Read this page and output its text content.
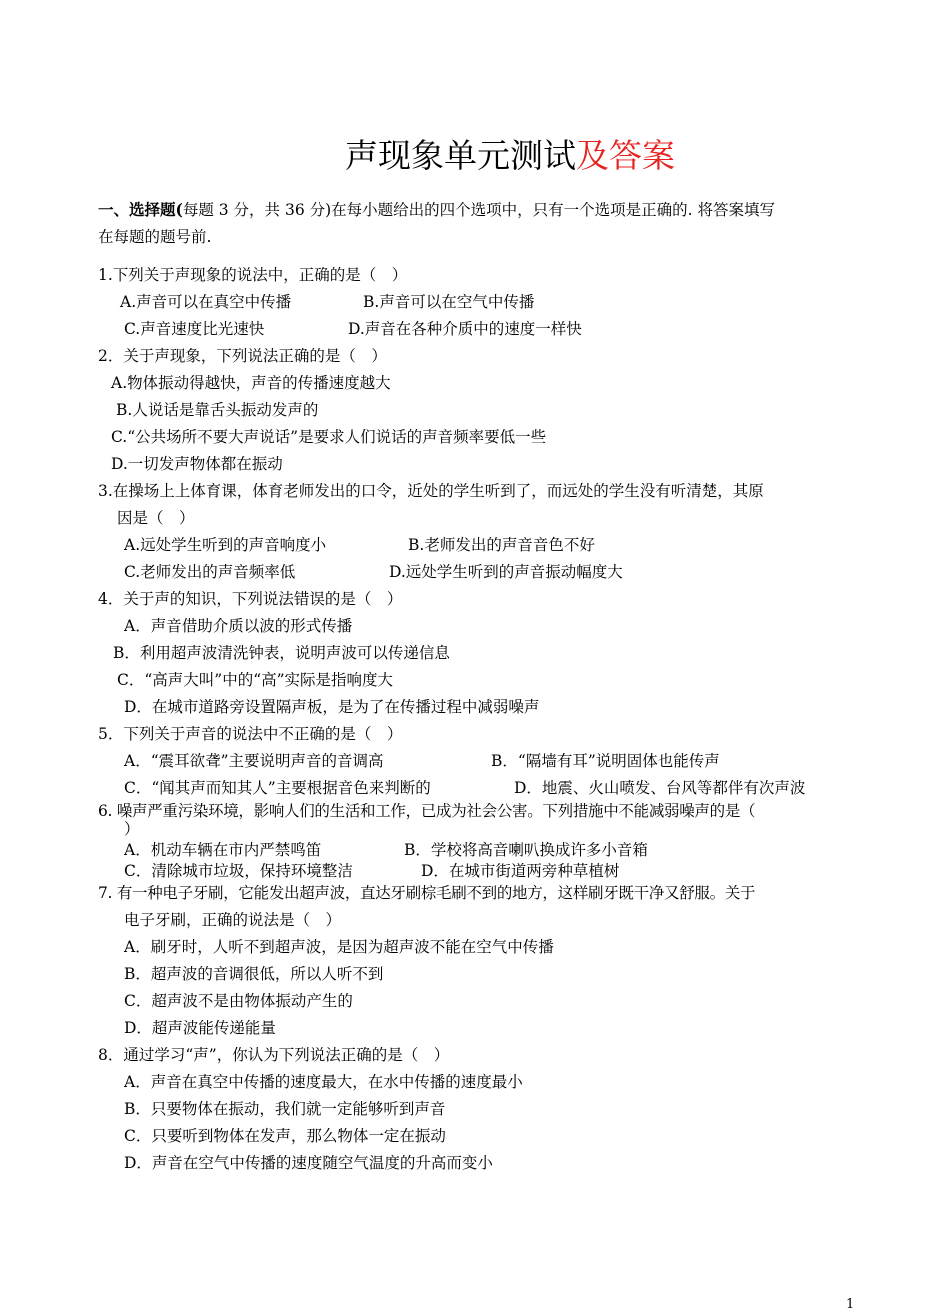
声现象单元测试及答案
一、选择题(每题 3 分，共 36 分)在每小题给出的四个选项中，只有一个选项是正确的. 将答案填写
在每题的题号前.
1.下列关于声现象的说法中，正确的是（　）
A.声音可以在真空中传播	B.声音可以在空气中传播
C.声音速度比光速快	D.声音在各种介质中的速度一样快
2．关于声现象，下列说法正确的是（　）
A.物体振动得越快，声音的传播速度越大
B.人说话是靠舌头振动发声的
C.“公共场所不要大声说话”是要求人们说话的声音频率要低一些
D.一切发声物体都在振动
3.在操场上上体育课，体育老师发出的口令，近处的学生听到了，而远处的学生没有听清楚，其原
因是（　）
A.远处学生听到的声音响度小	B.老师发出的声音音色不好
C.老师发出的声音频率低	D.远处学生听到的声音振动幅度大
4．关于声的知识，下列说法错误的是（　）
A．声音借助介质以波的形式传播
B．利用超声波清洗钟表，说明声波可以传递信息
C．“高声大叫”中的“高”实际是指响度大
D．在城市道路旁设置隔声板，是为了在传播过程中减弱噪声
5．下列关于声音的说法中不正确的是（　）
A．“震耳欲聋”主要说明声音的音调高	B．“隔墙有耳”说明固体也能传声
C．“闻其声而知其人”主要根据音色来判断的	D．地震、火山喷发、台风等都伴有次声波
6. 噪声严重污染环境，影响人们的生活和工作，已成为社会公害。下列措施中不能减弱噪声的是（
）
A．机动车辆在市内严禁鸣笛	B．学校将高音喇叭换成许多小音箱
C．清除城市垃圾，保持环境整洁	D．在城市街道两旁种草植树
7. 有一种电子牙刷，它能发出超声波，直达牙刷棕毛刷不到的地方，这样刷牙既干净又舒服。关于
电子牙刷，正确的说法是（　）
A．刷牙时，人听不到超声波，是因为超声波不能在空气中传播
B．超声波的音调很低，所以人听不到
C．超声波不是由物体振动产生的
D．超声波能传递能量
8．通过学习“声”，你认为下列说法正确的是（　）
A．声音在真空中传播的速度最大，在水中传播的速度最小
B．只要物体在振动，我们就一定能够听到声音
C．只要听到物体在发声，那么物体一定在振动
D．声音在空气中传播的速度随空气温度的升高而变小
1
